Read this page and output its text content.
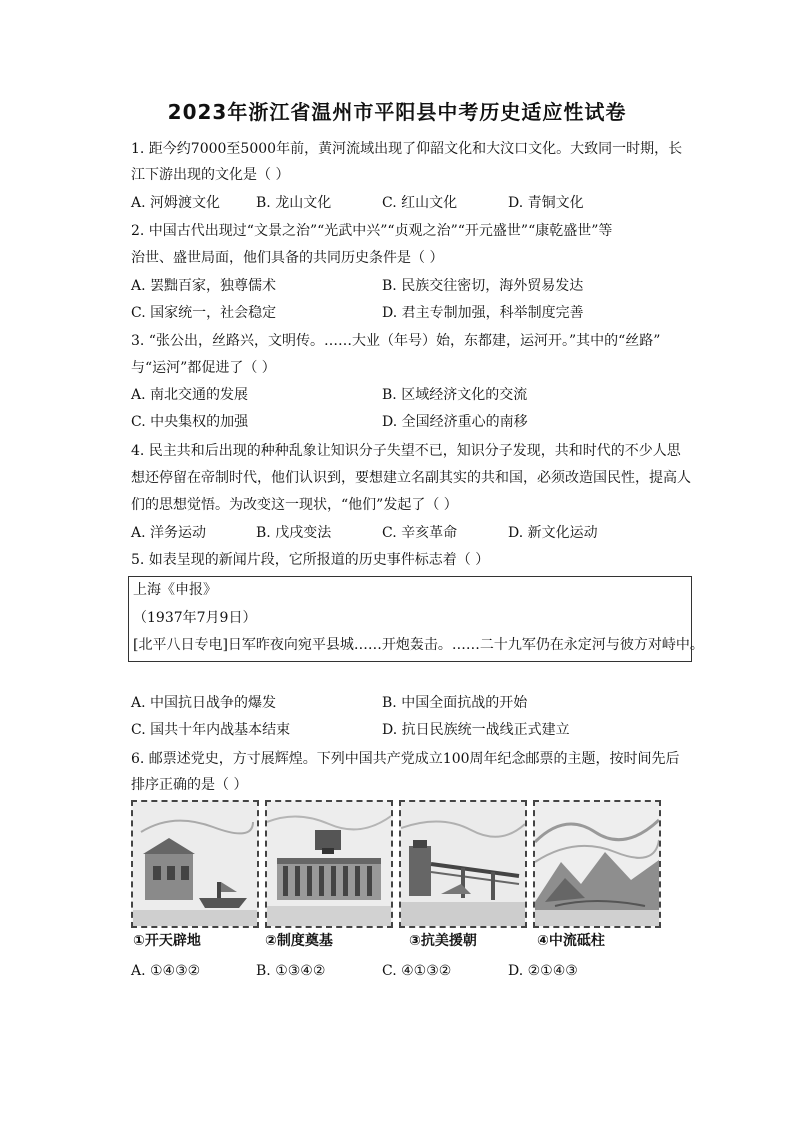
2023年浙江省温州市平阳县中考历史适应性试卷
1. 距今约7000至5000年前，黄河流域出现了仰韶文化和大汶口文化。大致同一时期，长
江下游出现的文化是（ ）
A. 河姆渡文化	B. 龙山文化	C. 红山文化	D. 青铜文化
2. 中国古代出现过“文景之治”“光武中兴”“贞观之治”“开元盛世”“康乾盛世”等
治世、盛世局面，他们具备的共同历史条件是（ ）
A. 罢黜百家，独尊儒术	B. 民族交往密切，海外贸易发达
C. 国家统一，社会稳定	D. 君主专制加强，科举制度完善
3. “张公出，丝路兴，文明传。……大业（年号）始，东都建，运河开。”其中的“丝路”
与“运河”都促进了（ ）
A. 南北交通的发展	B. 区域经济文化的交流
C. 中央集权的加强	D. 全国经济重心的南移
4. 民主共和后出现的种种乱象让知识分子失望不已，知识分子发现，共和时代的不少人思
想还停留在帝制时代，他们认识到，要想建立名副其实的共和国，必须改造国民性，提高人
们的思想觉悟。为改变这一现状，“他们”发起了（ ）
A. 洋务运动	B. 戊戌变法	C. 辛亥革命	D. 新文化运动
5. 如表呈现的新闻片段，它所报道的历史事件标志着（ ）
上海《申报》
（1937年7月9日）
[北平八日专电]日军昨夜向宛平县城……开炮轰击。……二十九军仍在永定河与彼方对峙中。
A. 中国抗日战争的爆发	B. 中国全面抗战的开始
C. 国共十年内战基本结束	D. 抗日民族统一战线正式建立
6. 邮票述党史，方寸展辉煌。下列中国共产党成立100周年纪念邮票的主题，按时间先后
排序正确的是（ ）
①开天辟地	②制度奠基	③抗美援朝	④中流砥柱
A. ①④③②	B. ①③④②	C. ④①③②	D. ②①④③
